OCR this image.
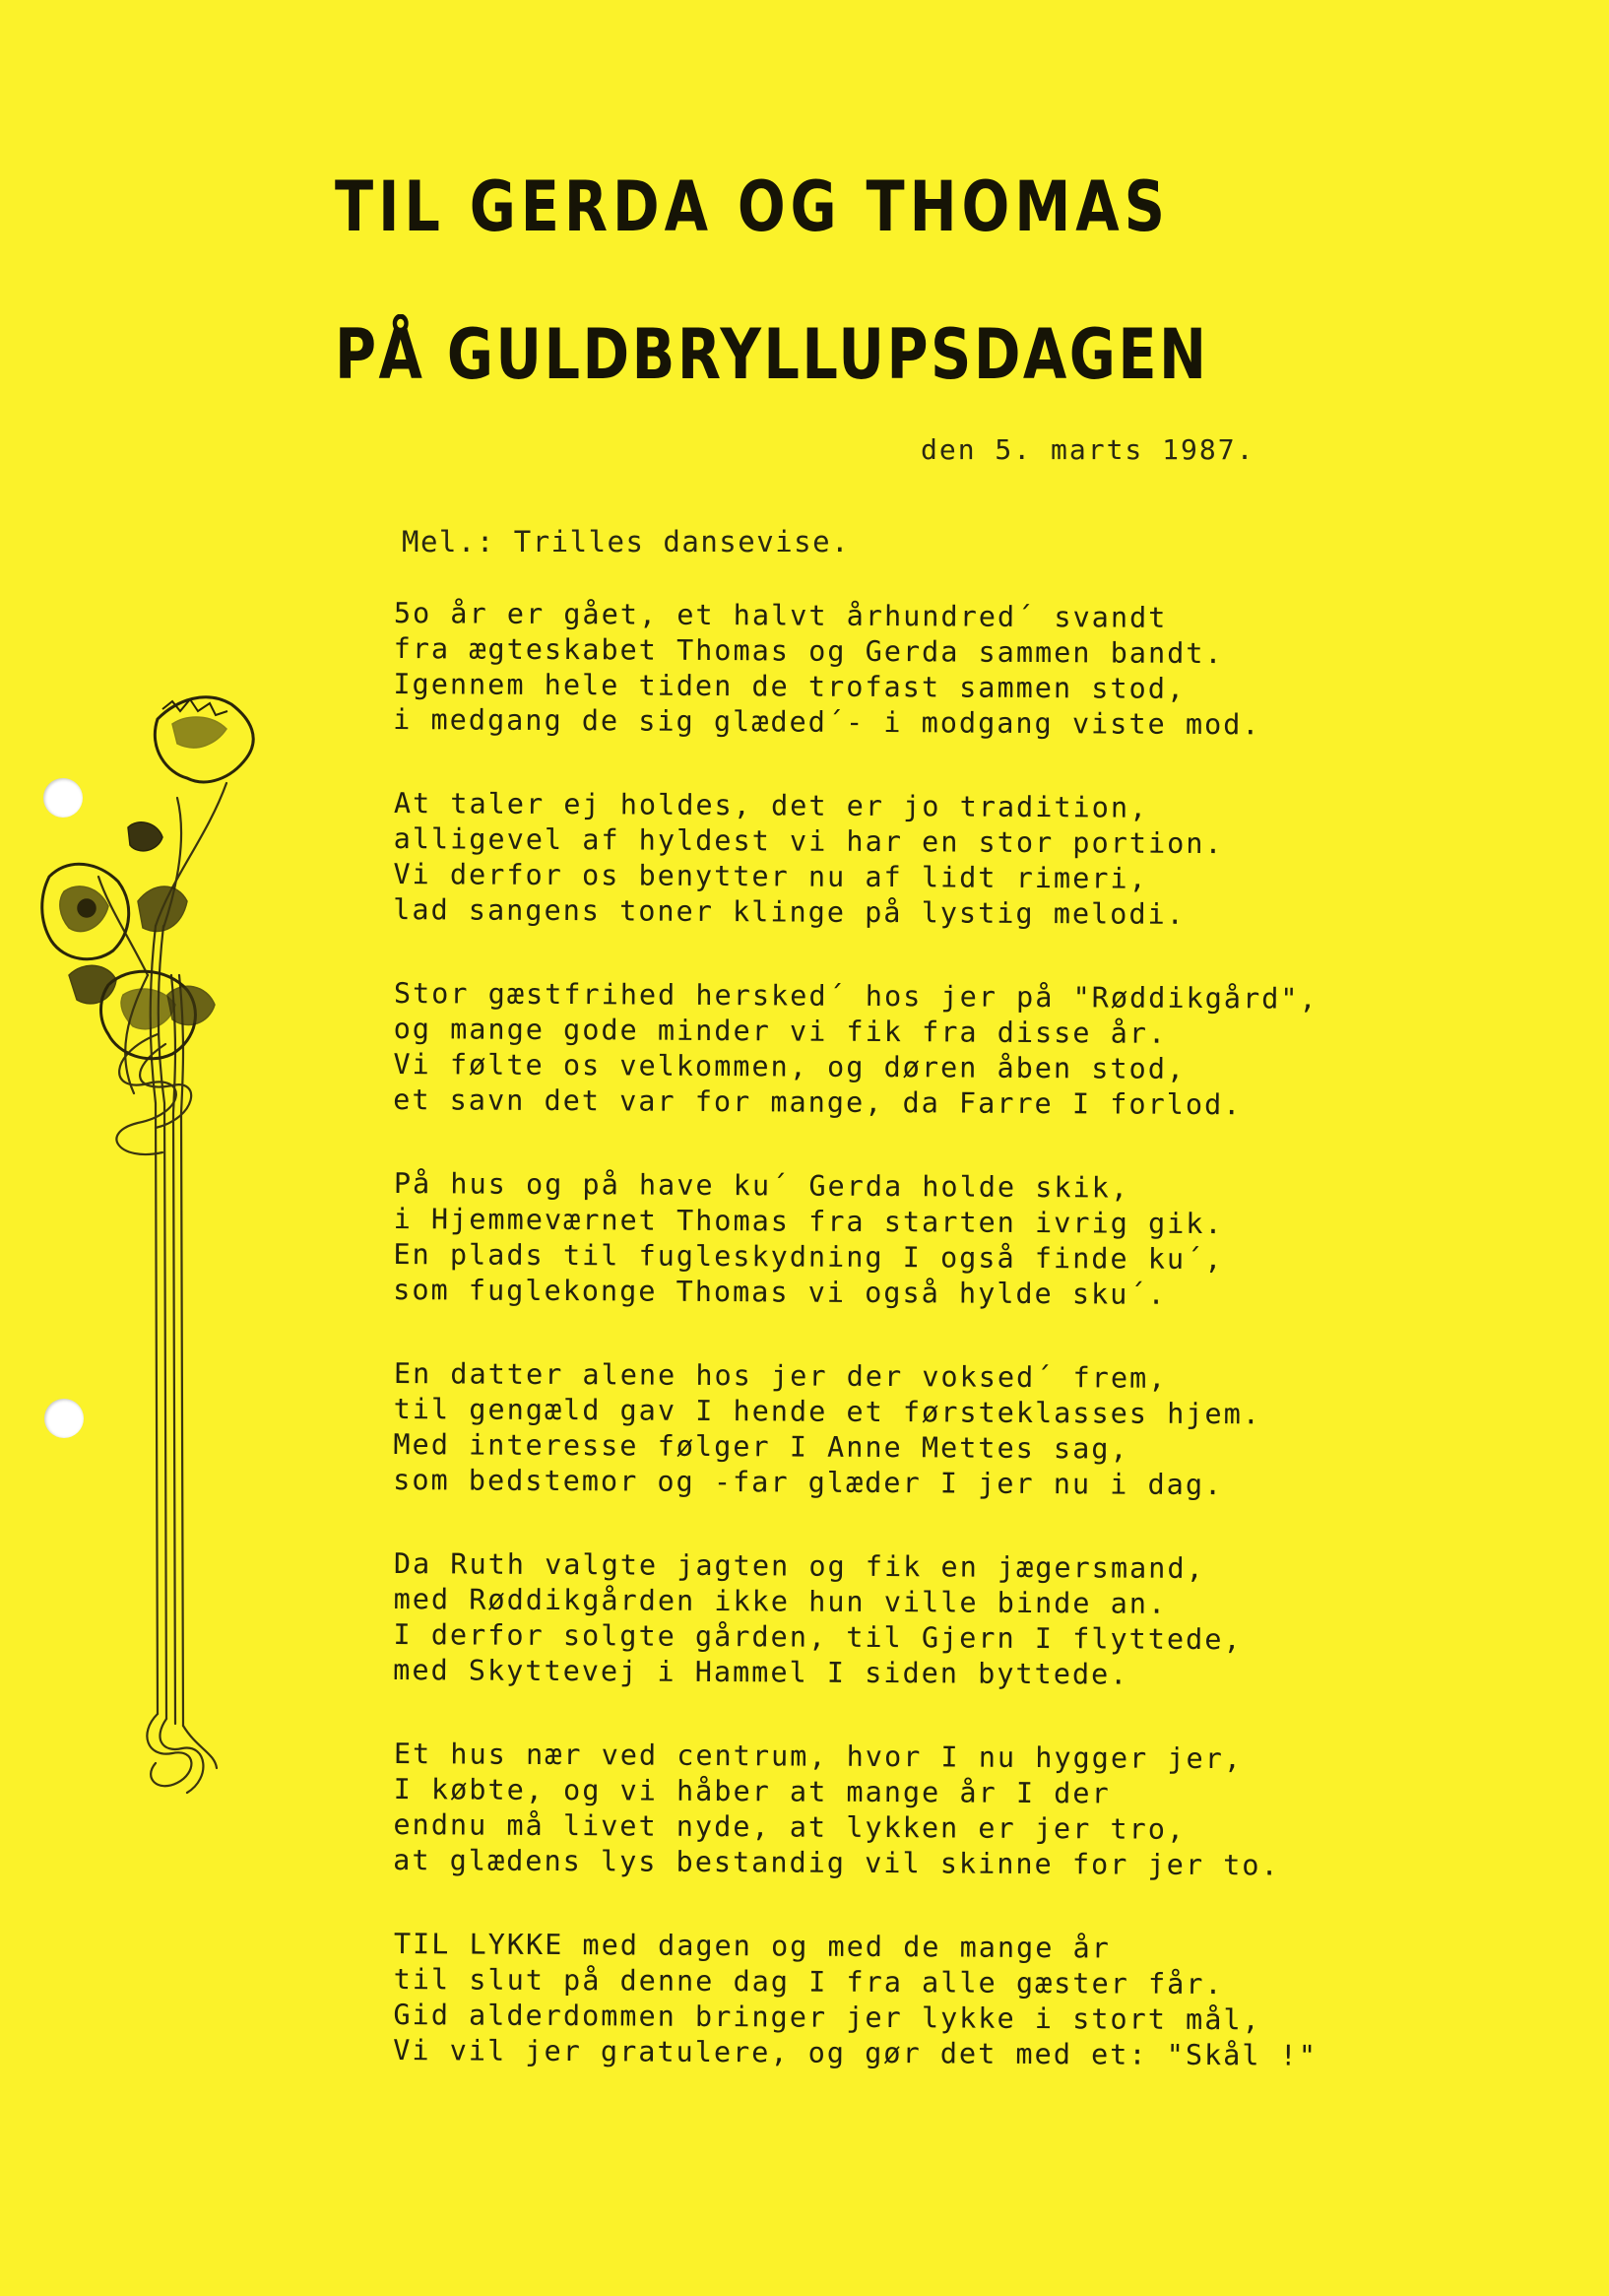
TIL GERDA OG THOMAS
PÅ GULDBRYLLUPSDAGEN
den 5. marts 1987.
Mel.: Trilles dansevise.
5o år er gået, et halvt århundred´ svandt
fra ægteskabet Thomas og Gerda sammen bandt.
Igennem hele tiden de trofast sammen stod,
i medgang de sig glæded´- i modgang viste mod.
At taler ej holdes, det er jo tradition,
alligevel af hyldest vi har en stor portion.
Vi derfor os benytter nu af lidt rimeri,
lad sangens toner klinge på lystig melodi.
Stor gæstfrihed hersked´ hos jer på "Røddikgård",
og mange gode minder vi fik fra disse år.
Vi følte os velkommen, og døren åben stod,
et savn det var for mange, da Farre I forlod.
På hus og på have ku´ Gerda holde skik,
i Hjemmeværnet Thomas fra starten ivrig gik.
En plads til fugleskydning I også finde ku´,
som fuglekonge Thomas vi også hylde sku´.
En datter alene hos jer der voksed´ frem,
til gengæld gav I hende et førsteklasses hjem.
Med interesse følger I Anne Mettes sag,
som bedstemor og -far glæder I jer nu i dag.
Da Ruth valgte jagten og fik en jægersmand,
med Røddikgården ikke hun ville binde an.
I derfor solgte gården, til Gjern I flyttede,
med Skyttevej i Hammel I siden byttede.
Et hus nær ved centrum, hvor I nu hygger jer,
I købte, og vi håber at mange år I der
endnu må livet nyde, at lykken er jer tro,
at glædens lys bestandig vil skinne for jer to.
TIL LYKKE med dagen og med de mange år
til slut på denne dag I fra alle gæster får.
Gid alderdommen bringer jer lykke i stort mål,
Vi vil jer gratulere, og gør det med et: "Skål !"
